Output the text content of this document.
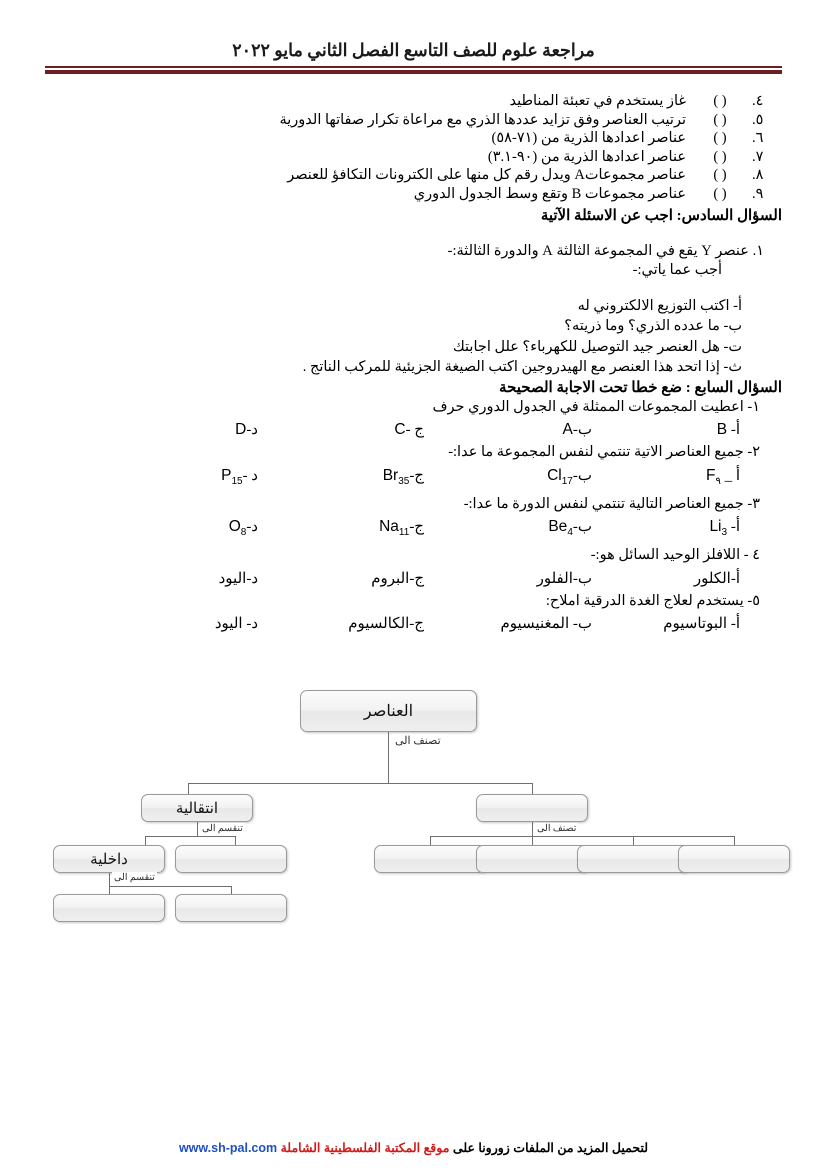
مراجعة علوم للصف التاسع الفصل الثاني مايو ٢٠٢٢
٤.
( )
غاز يستخدم في تعبئة المناطيد
٥.
( )
ترتيب العناصر وفق تزايد عددها الذري مع مراعاة تكرار صفاتها الدورية
٦.
( )
عناصر اعدادها الذرية من (٧١-٥٨)
٧.
( )
عناصر اعدادها الذرية من (٩٠-٣.١)
٨.
( )
عناصر مجموعاتA ويدل رقم كل منها على الكترونات التكافؤ للعنصر
٩.
( )
عناصر مجموعات B وتقع وسط الجدول الدوري
السؤال السادس: اجب عن الاسئلة الآتية
١. عنصر Y يقع في المجموعة الثالثة A والدورة الثالثة:-
أجب عما ياتي:-
أ- اكتب التوزيع الالكتروني له
ب- ما عدده الذري؟ وما ذريته؟
ت- هل العنصر جيد التوصيل للكهرباء؟ علل اجابتك
ث- إذا اتحد هذا العنصر مع الهيدروجين اكتب الصيغة الجزيئية للمركب الناتج .
السؤال السابع : ضع خطا تحت الاجابة الصحيحة
١- اعطيت المجموعات الممثلة في الجدول الدوري حرف
أ- B
ب-A
ج -C
د-D
٢- جميع العناصر الاتية تنتمي لنفس المجموعة ما عدا:-
أ _ $F_٩$
$ب-Cl_{17}$
$ج-Br_{35}$
د $-P_{15}$
٣- جميع العناصر التالية تنتمي لنفس الدورة ما عدا:-
أ- $Li_3$
$ب-Be_4$
$ج-Na_{11}$
$د-O_8$
٤ - اللافلز الوحيد السائل هو:-
أ-الكلور
ب-الفلور
ج-البروم
د-اليود
٥- يستخدم لعلاج الغدة الدرقية املاح:
أ- البوتاسيوم
ب- المغنيسيوم
ج-الكالسيوم
د- اليود
العناصر
تصنف الى
انتقالية
تنقسم الى
داخلية
تنقسم الى
تصنف الى
لتحميل المزيد من الملفات زورونا على موقع المكتبة الفلسطينية الشاملة www.sh-pal.com
